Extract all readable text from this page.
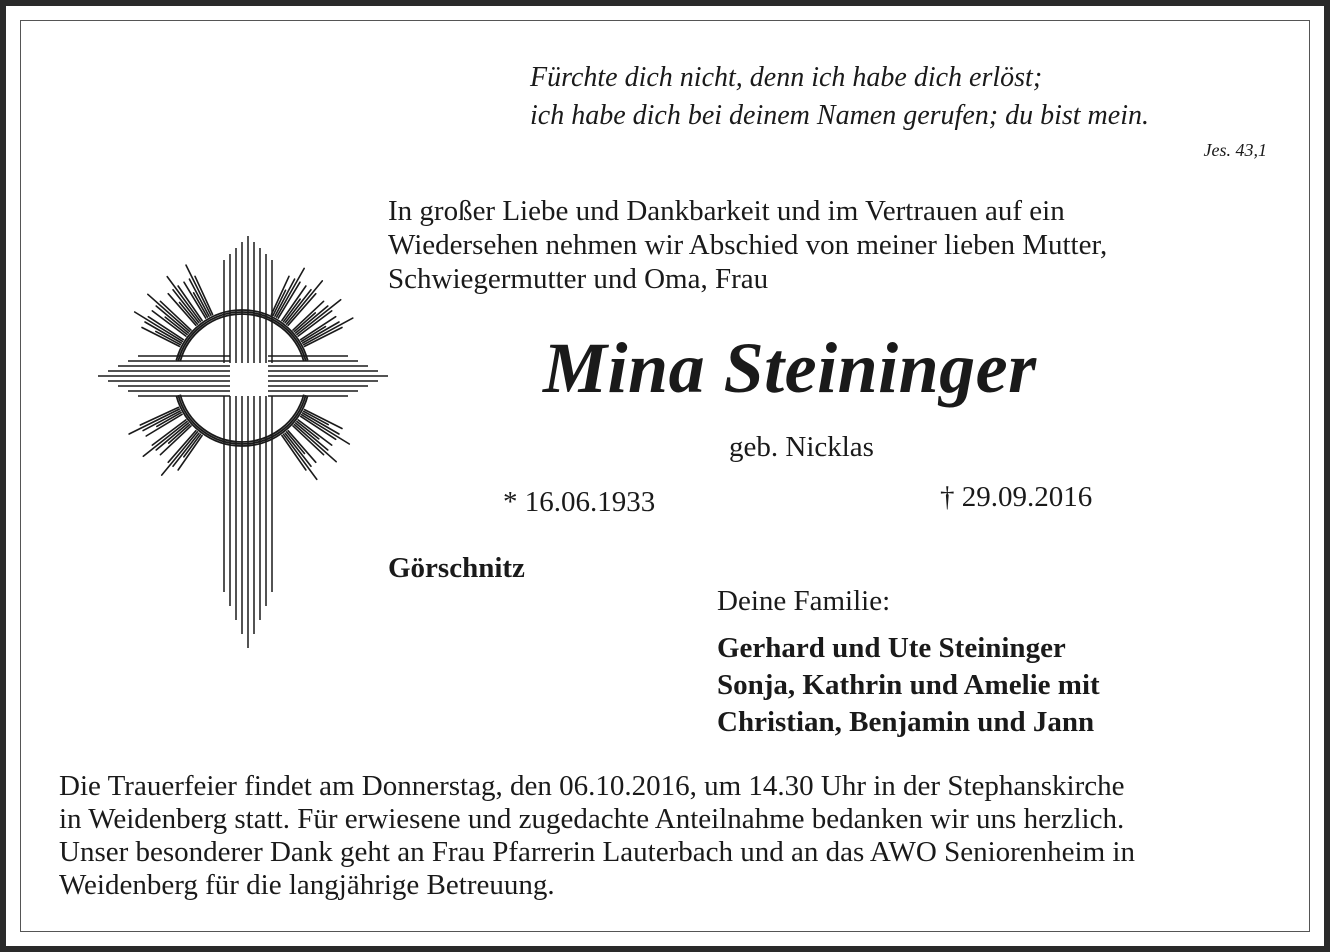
Fürchte dich nicht, denn ich habe dich erlöst;
ich habe dich bei deinem Namen gerufen; du bist mein.
Jes. 43,1
In großer Liebe und Dankbarkeit und im Vertrauen auf ein
Wiedersehen nehmen wir Abschied von meiner lieben Mutter,
Schwiegermutter und Oma, Frau
Mina Steininger
geb. Nicklas
* 16.06.1933	† 29.09.2016
Görschnitz
Deine Familie:
Gerhard und Ute Steininger
Sonja, Kathrin und Amelie mit
Christian, Benjamin und Jann
Die Trauerfeier findet am Donnerstag, den 06.10.2016, um 14.30 Uhr in der Stephanskirche
in Weidenberg statt. Für erwiesene und zugedachte Anteilnahme bedanken wir uns herzlich.
Unser besonderer Dank geht an Frau Pfarrerin Lauterbach und an das AWO Seniorenheim in
Weidenberg für die langjährige Betreuung.
